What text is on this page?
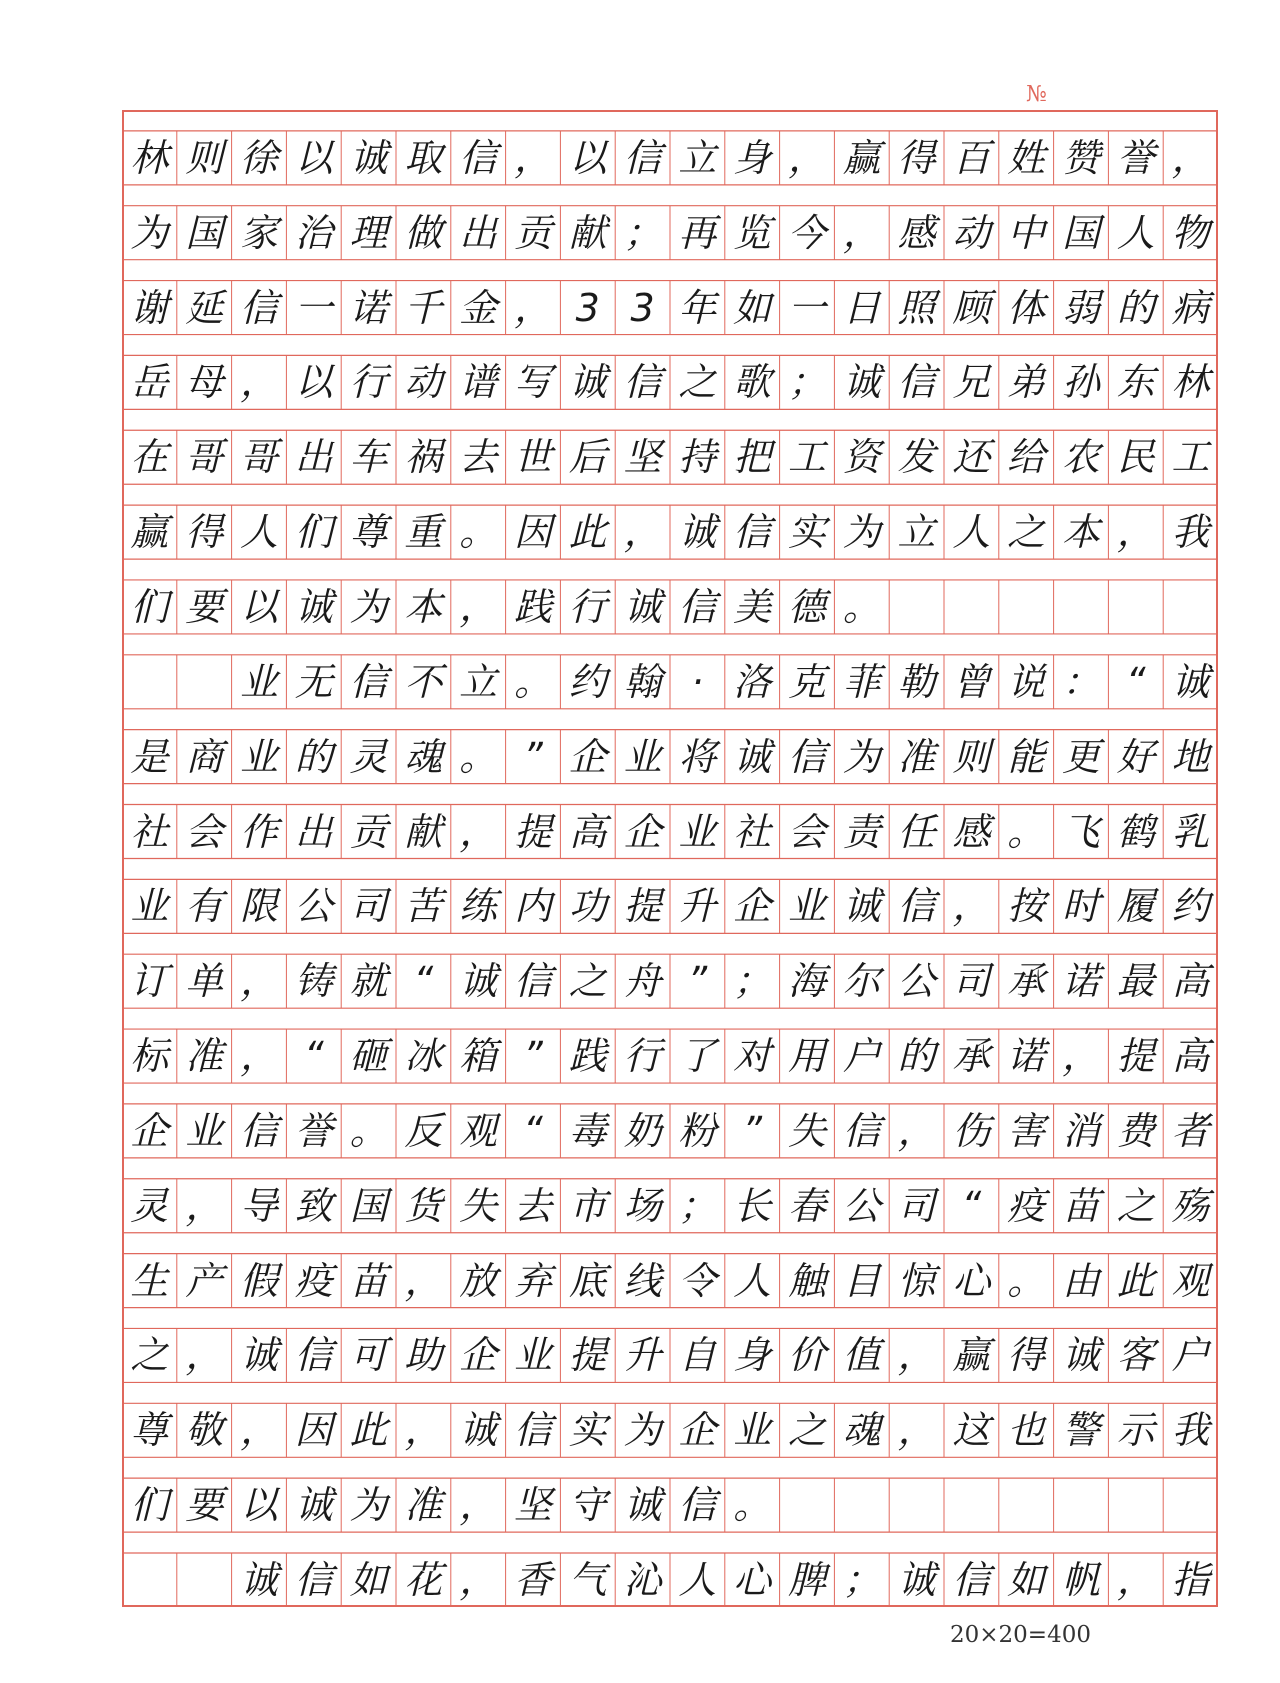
№
林 则 徐 以 诚 取 信 ， 以 信 立 身 ， 赢 得 百 姓 赞 誉 ，
为 国 家 治 理 做 出 贡 献 ； 再 览 今 ， 感 动 中 国 人 物
谢 延 信 一 诺 千 金 ， 3 3 年 如 一 日 照 顾 体 弱 的 病
岳 母 ， 以 行 动 谱 写 诚 信 之 歌 ； 诚 信 兄 弟 孙 东 林
在 哥 哥 出 车 祸 去 世 后 坚 持 把 工 资 发 还 给 农 民 工
赢 得 人 们 尊 重 。 因 此 ， 诚 信 实 为 立 人 之 本 ， 我
们 要 以 诚 为 本 ， 践 行 诚 信 美 德 。
业 无 信 不 立 。 约 翰 · 洛 克 菲 勒 曾 说 ： “ 诚
是 商 业 的 灵 魂 。 ” 企 业 将 诚 信 为 准 则 能 更 好 地
社 会 作 出 贡 献 ， 提 高 企 业 社 会 责 任 感 。 飞 鹤 乳
业 有 限 公 司 苦 练 内 功 提 升 企 业 诚 信 ， 按 时 履 约
订 单 ， 铸 就 “ 诚 信 之 舟 ” ； 海 尔 公 司 承 诺 最 高
标 准 ， “ 砸 冰 箱 ” 践 行 了 对 用 户 的 承 诺 ， 提 高
企 业 信 誉 。 反 观 “ 毒 奶 粉 ” 失 信 ， 伤 害 消 费 者
灵 ， 导 致 国 货 失 去 市 场 ； 长 春 公 司 “ 疫 苗 之 殇
生 产 假 疫 苗 ， 放 弃 底 线 令 人 触 目 惊 心 。 由 此 观
之 ， 诚 信 可 助 企 业 提 升 自 身 价 值 ， 赢 得 诚 客 户
尊 敬 ， 因 此 ， 诚 信 实 为 企 业 之 魂 ， 这 也 警 示 我
们 要 以 诚 为 准 ， 坚 守 诚 信 。
诚 信 如 花 ， 香 气 沁 人 心 脾 ； 诚 信 如 帆 ， 指
20×20=400
